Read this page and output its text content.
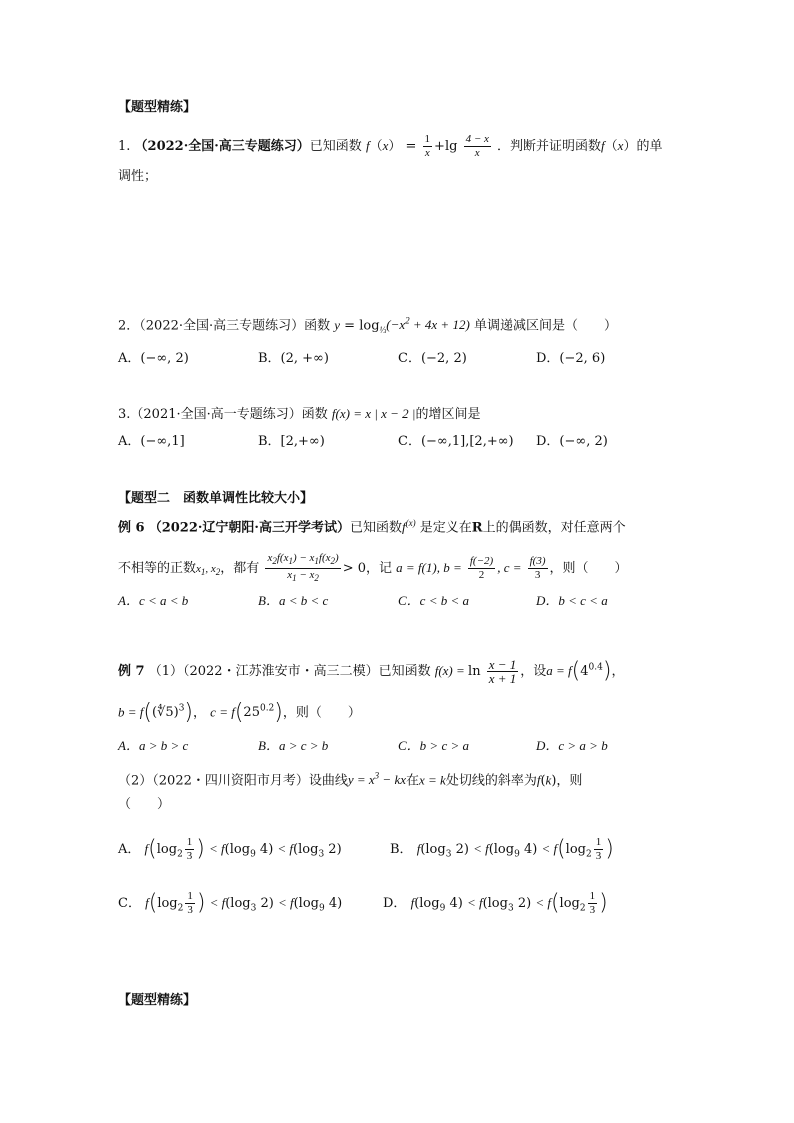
【题型精练】
1. （2022·全国·高三专题练习）已知函数 $f(x) = \frac{1}{x} +\lg \frac{4 - x}{x}$ ．判断并证明函数f（x）的单
调性；
2．（2022·全国·高三专题练习）函数 $y = \log_{\frac{1}{3}}(-x^2 + 4x + 12)$ 单调递减区间是（　　）
A．(−∞, 2)	B．(2, +∞)	C．(−2, 2)	D．(−2, 6)
3.（2021·全国·高一专题练习）函数 f(x) = x | x − 2 |的增区间是
A．(−∞,1]	B．[2,+∞)	C．(−∞,1],[2,+∞) D．(−∞, 2)
【题型二　函数单调性比较大小】
例 6 （2022·辽宁朝阳·高三开学考试）已知函数$f^{(x)}$ 是定义在R上的偶函数，对任意两个
不相等的正数$x_1$, $x_2$，都有 $\frac{x_2f(x_1) - x_1f(x_2)}{x_1 - x_2} > 0$，记 a = f(1), $b = \frac{f(-2)}{2}$ , $c = \frac{f(3)}{3}$ ，则（　　）
A．c < a < b	B．a < b < c	C．c < b < a	D．b < c < a
例 7 （1）（2022・江苏淮安市・高三二模）已知函数 $f(x) = \ln \frac{x - 1}{x + 1}$ ，设$a = f(4^{0.4})$，
b = f((∜5)$^3$)， $c = f(25^{0.2})$，则（　　）
A．a > b > c	B．a > c > b	C．b > c > a	D．c > a > b
（2）（2022・四川资阳市月考）设曲线$y = x^3$ − kx在x = k处切线的斜率为f(k)，则
（　　）
A． $f(\log_2 \frac{1}{3}$ ) < $f(\log_9$ $4) < f(\log_3$ 2)	B． $f(\log_3$ $2) < f(\log_9$ $4) < f(\log_2 \frac{1}{3}$ )
C． $f(\log_2 \frac{1}{3}$ ) < $f(\log_3$ $2) < f(\log_9$ 4)	D． $f(\log_9$ $4) < f(\log_3$ $2) < f(\log_2 \frac{1}{3}$ )
【题型精练】
